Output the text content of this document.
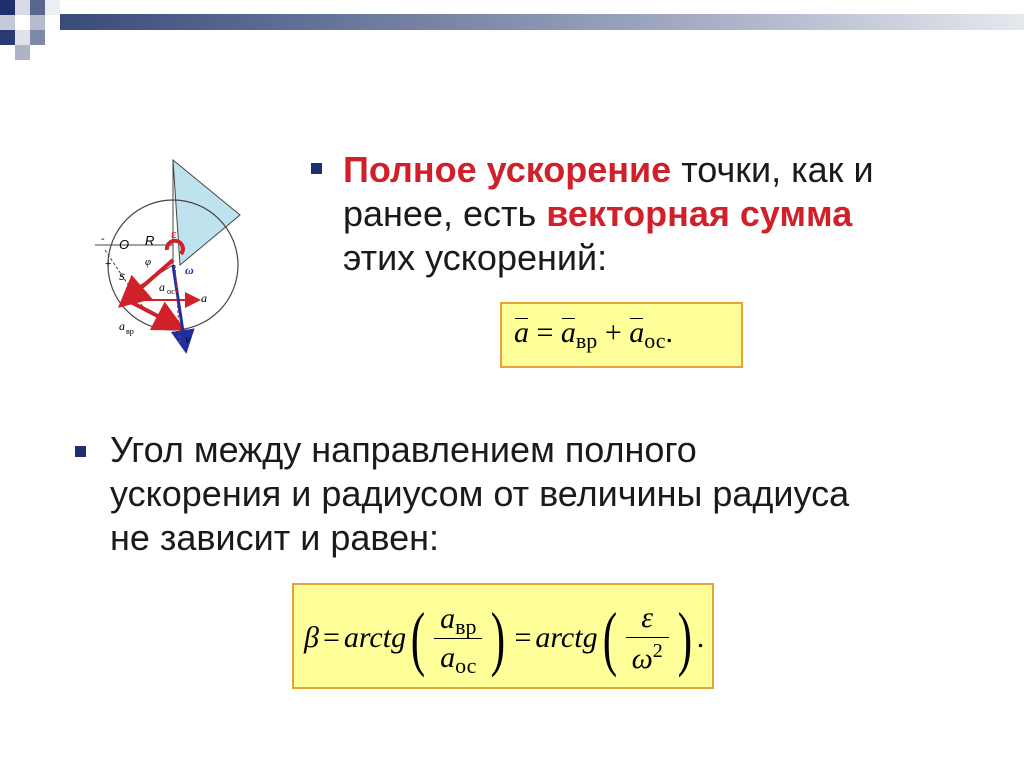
- O R ε
+	φ
ω
s
a ос a
a вр
v
Полное ускорение точки, как и
ранее, есть векторная сумма
этих ускорений:
$a = a_{вр} + a_{ос}$.
Угол между направлением полного
ускорения и радиусом от величины радиуса
не зависит и равен:
β = arctg ( $\frac{a_{вр}}{a_{ос}}$ ) = arctg ( $\frac{\varepsilon}{\omega^2}$ ) .
